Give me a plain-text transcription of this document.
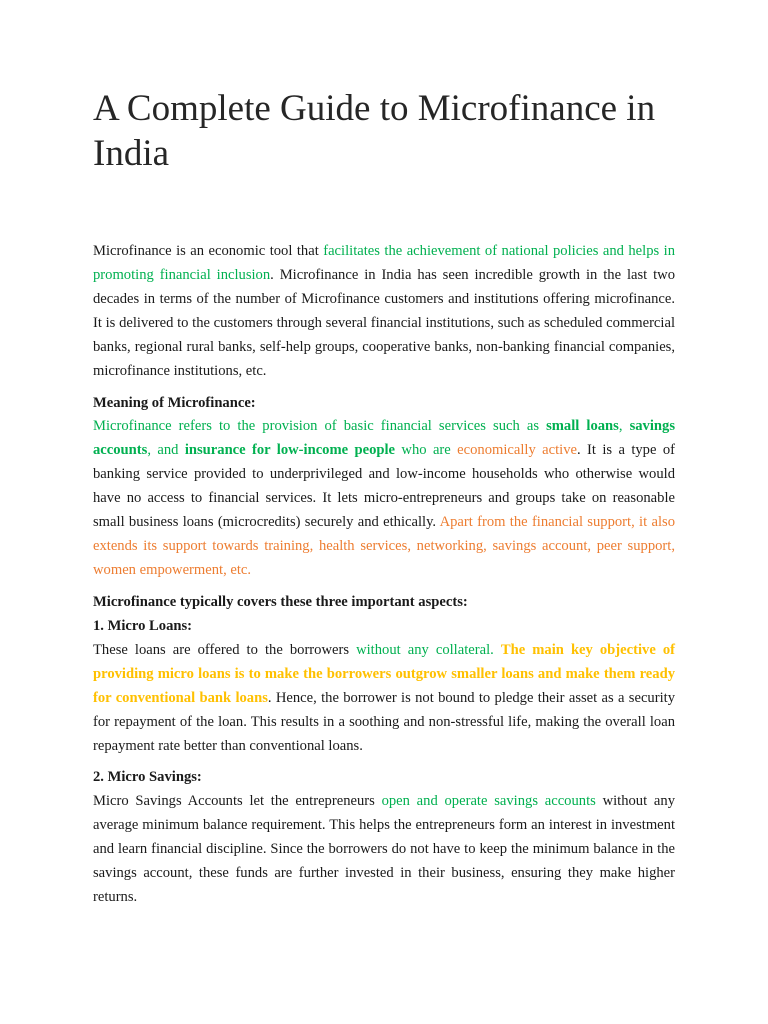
A Complete Guide to Microfinance in India

Microfinance is an economic tool that facilitates the achievement of national policies and helps in promoting financial inclusion. Microfinance in India has seen incredible growth in the last two decades in terms of the number of Microfinance customers and institutions offering microfinance. It is delivered to the customers through several financial institutions, such as scheduled commercial banks, regional rural banks, self-help groups, cooperative banks, non-banking financial companies, microfinance institutions, etc.

Meaning of Microfinance:

Microfinance refers to the provision of basic financial services such as small loans, savings accounts, and insurance for low-income people who are economically active. It is a type of banking service provided to underprivileged and low-income households who otherwise would have no access to financial services. It lets micro-entrepreneurs and groups take on reasonable small business loans (microcredits) securely and ethically. Apart from the financial support, it also extends its support towards training, health services, networking, savings account, peer support, women empowerment, etc.

Microfinance typically covers these three important aspects:

1. Micro Loans:

These loans are offered to the borrowers without any collateral. The main key objective of providing micro loans is to make the borrowers outgrow smaller loans and make them ready for conventional bank loans. Hence, the borrower is not bound to pledge their asset as a security for repayment of the loan. This results in a soothing and non-stressful life, making the overall loan repayment rate better than conventional loans.

2. Micro Savings:

Micro Savings Accounts let the entrepreneurs open and operate savings accounts without any average minimum balance requirement. This helps the entrepreneurs form an interest in investment and learn financial discipline. Since the borrowers do not have to keep the minimum balance in the savings account, these funds are further invested in their business, ensuring they make higher returns.
